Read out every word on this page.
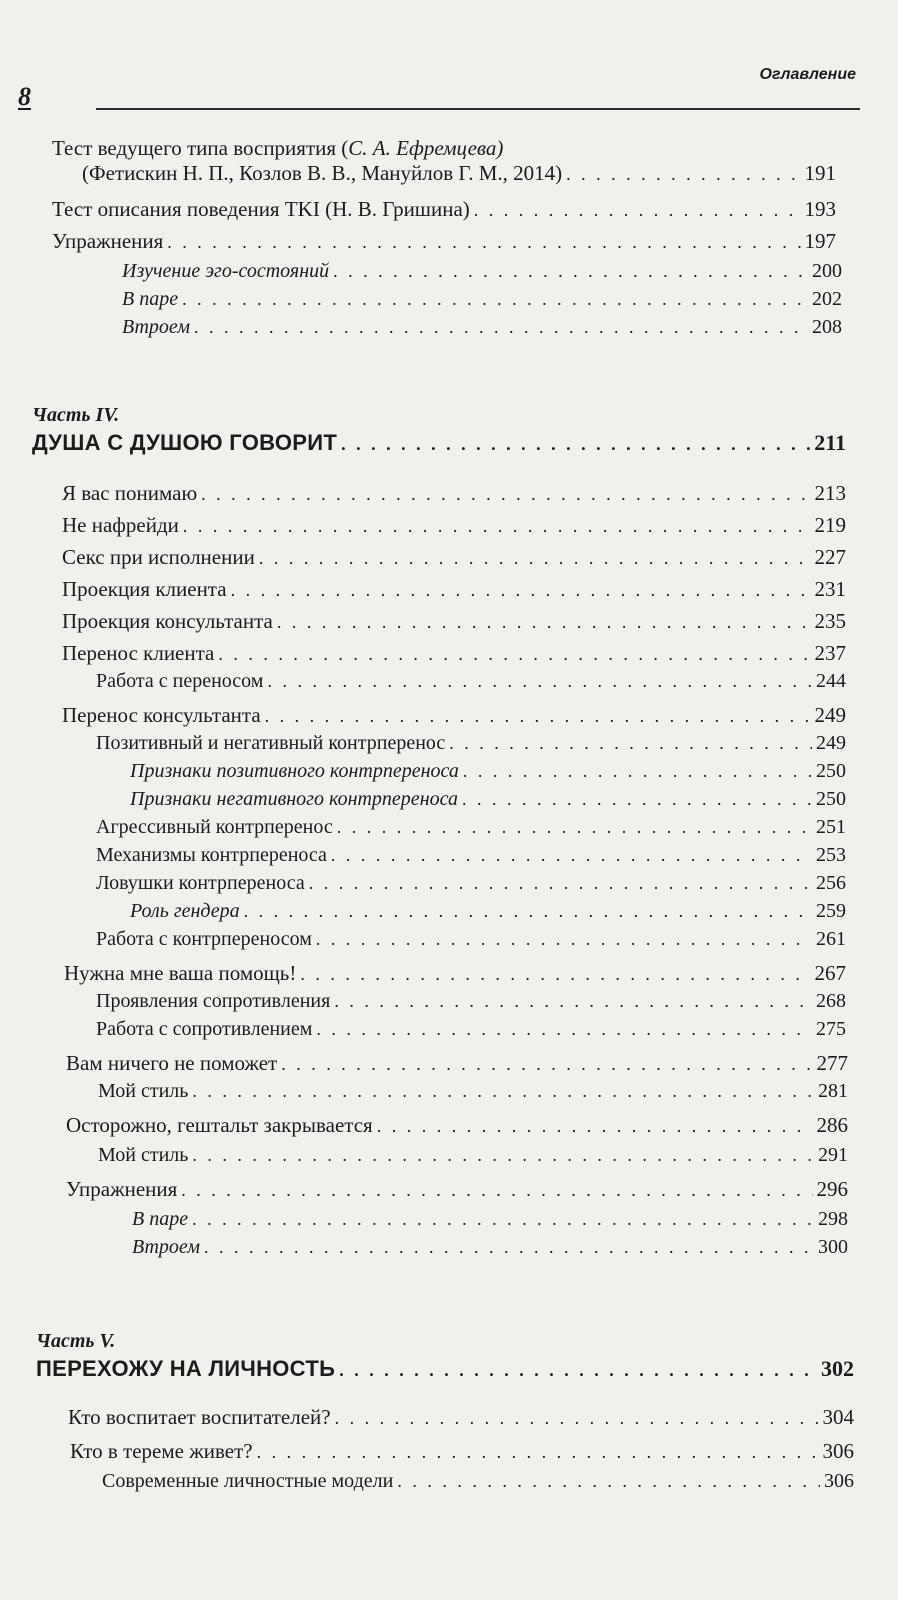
8
Оглавление
Тест ведущего типа восприятия (С. А. Ефремцева)
(Фетискин Н. П., Козлов В. В., Мануйлов Г. М., 2014) . . .	191
Тест описания поведения TKI (Н. В. Гришина) . . .	193
Упражнения . . .	197
Изучение эго-состояний . . .	200
В паре . . .	202
Втроем . . .	208
Часть IV.
ДУША С ДУШОЮ ГОВОРИТ . . .	211
Я вас понимаю . . .	213
Не нафрейди . . .	219
Секс при исполнении . . .	227
Проекция клиента . . .	231
Проекция консультанта . . .	235
Перенос клиента . . .	237
Работа с переносом . . .	244
Перенос консультанта . . .	249
Позитивный и негативный контрперенос . . .	249
Признаки позитивного контрпереноса . . .	250
Признаки негативного контрпереноса . . .	250
Агрессивный контрперенос . . .	251
Механизмы контрпереноса . . .	253
Ловушки контрпереноса . . .	256
Роль гендера . . .	259
Работа с контрпереносом . . .	261
Нужна мне ваша помощь! . . .	267
Проявления сопротивления . . .	268
Работа с сопротивлением . . .	275
Вам ничего не поможет . . .	277
Мой стиль . . .	281
Осторожно, гештальт закрывается . . .	286
Мой стиль . . .	291
Упражнения . . .	296
В паре . . .	298
Втроем . . .	300
Часть V.
ПЕРЕХОЖУ НА ЛИЧНОСТЬ . . .	302
Кто воспитает воспитателей? . . .	304
Кто в тереме живет? . . .	306
Современные личностные модели . . .	306
